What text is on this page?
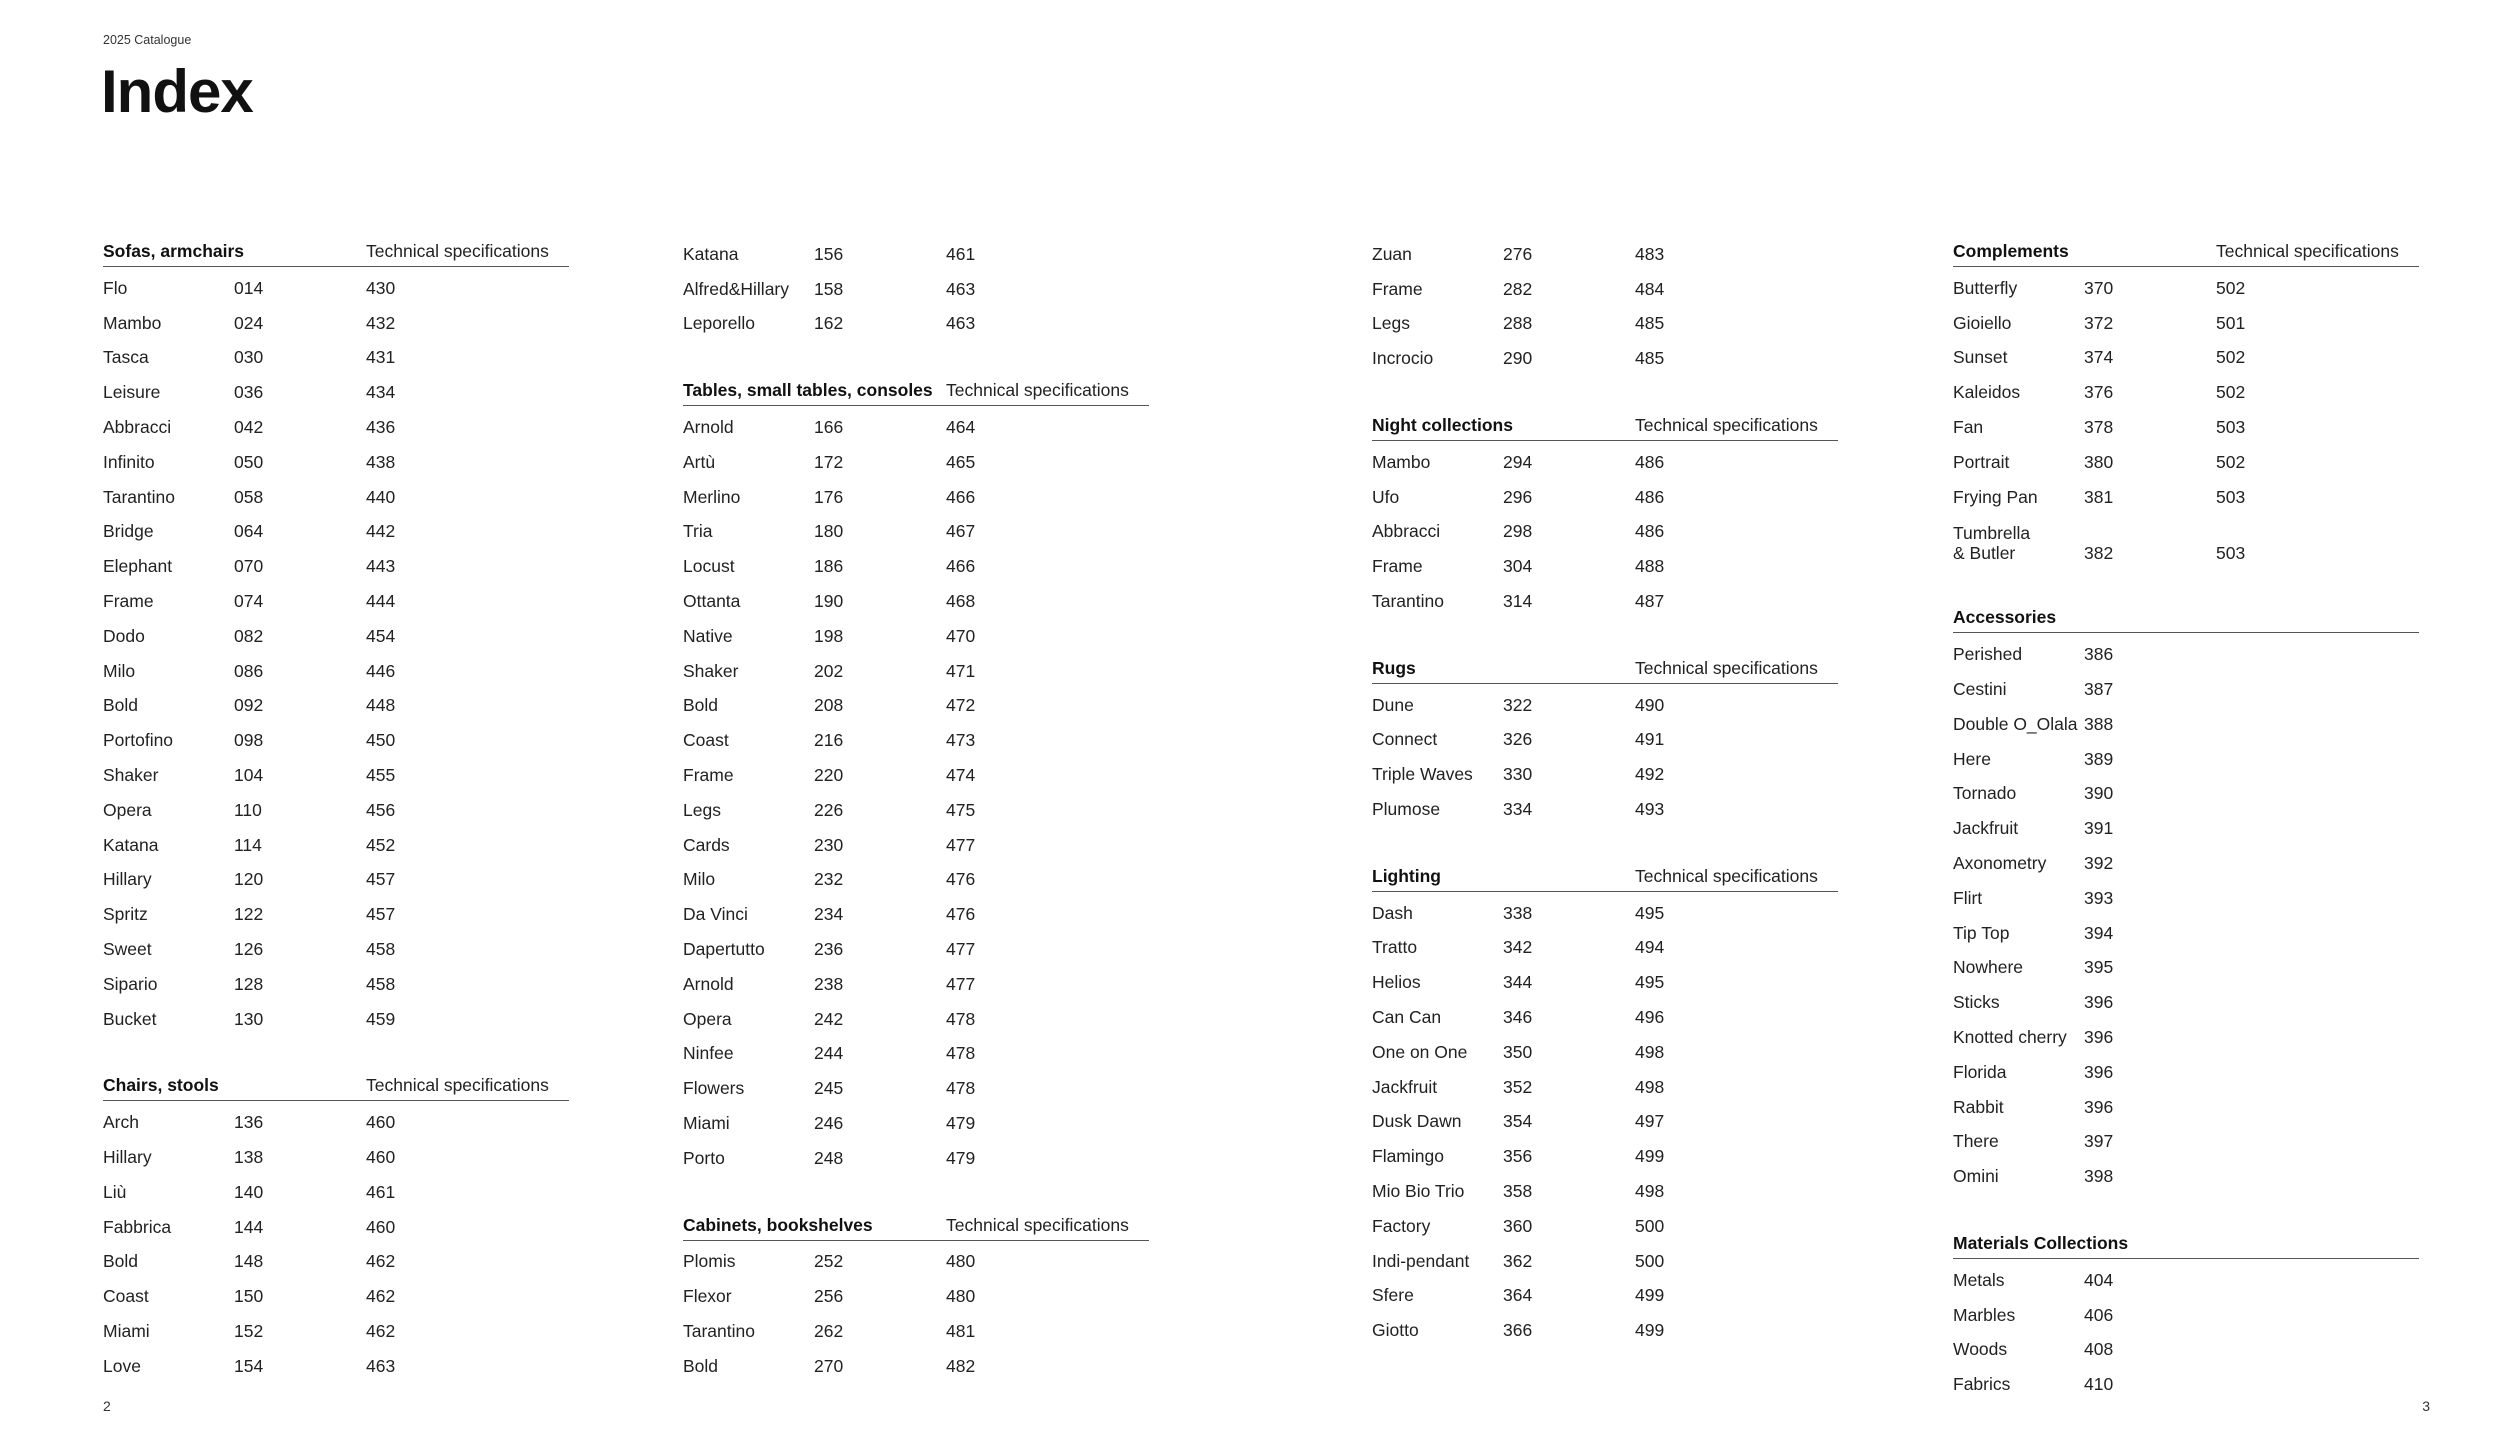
2025 Catalogue
Index
Sofas, armchairs	Technical specifications
Flo	014	430
Mambo	024	432
Tasca	030	431
Leisure	036	434
Abbracci	042	436
Infinito	050	438
Tarantino	058	440
Bridge	064	442
Elephant	070	443
Frame	074	444
Dodo	082	454
Milo	086	446
Bold	092	448
Portofino	098	450
Shaker	104	455
Opera	110	456
Katana	114	452
Hillary	120	457
Spritz	122	457
Sweet	126	458
Sipario	128	458
Bucket	130	459
Chairs, stools	Technical specifications
Arch	136	460
Hillary	138	460
Liù	140	461
Fabbrica	144	460
Bold	148	462
Coast	150	462
Miami	152	462
Love	154	463
Katana	156	461
Alfred&Hillary	158	463
Leporello	162	463
Tables, small tables, consoles Technical specifications
Arnold	166	464
Artù	172	465
Merlino	176	466
Tria	180	467
Locust	186	466
Ottanta	190	468
Native	198	470
Shaker	202	471
Bold	208	472
Coast	216	473
Frame	220	474
Legs	226	475
Cards	230	477
Milo	232	476
Da Vinci	234	476
Dapertutto	236	477
Arnold	238	477
Opera	242	478
Ninfee	244	478
Flowers	245	478
Miami	246	479
Porto	248	479
Cabinets, bookshelves	Technical specifications
Plomis	252	480
Flexor	256	480
Tarantino	262	481
Bold	270	482
Zuan	276	483
Frame	282	484
Legs	288	485
Incrocio	290	485
Night collections	Technical specifications
Mambo	294	486
Ufo	296	486
Abbracci	298	486
Frame	304	488
Tarantino	314	487
Rugs	Technical specifications
Dune	322	490
Connect	326	491
Triple Waves	330	492
Plumose	334	493
Lighting	Technical specifications
Dash	338	495
Tratto	342	494
Helios	344	495
Can Can	346	496
One on One	350	498
Jackfruit	352	498
Dusk Dawn	354	497
Flamingo	356	499
Mio Bio Trio	358	498
Factory	360	500
Indi-pendant	362	500
Sfere	364	499
Giotto	366	499
Complements	Technical specifications
Butterfly	370	502
Gioiello	372	501
Sunset	374	502
Kaleidos	376	502
Fan	378	503
Portrait	380	502
Frying Pan	381	503
Tumbrella
& Butler	382	503
Accessories
Perished	386
Cestini	387
Double O_Olala 388
Here	389
Tornado	390
Jackfruit	391
Axonometry	392
Flirt	393
Tip Top	394
Nowhere	395
Sticks	396
Knotted cherry 396
Florida	396
Rabbit	396
There	397
Omini	398
Materials Collections
Metals	404
Marbles	406
Woods	408
Fabrics	410
2	3
